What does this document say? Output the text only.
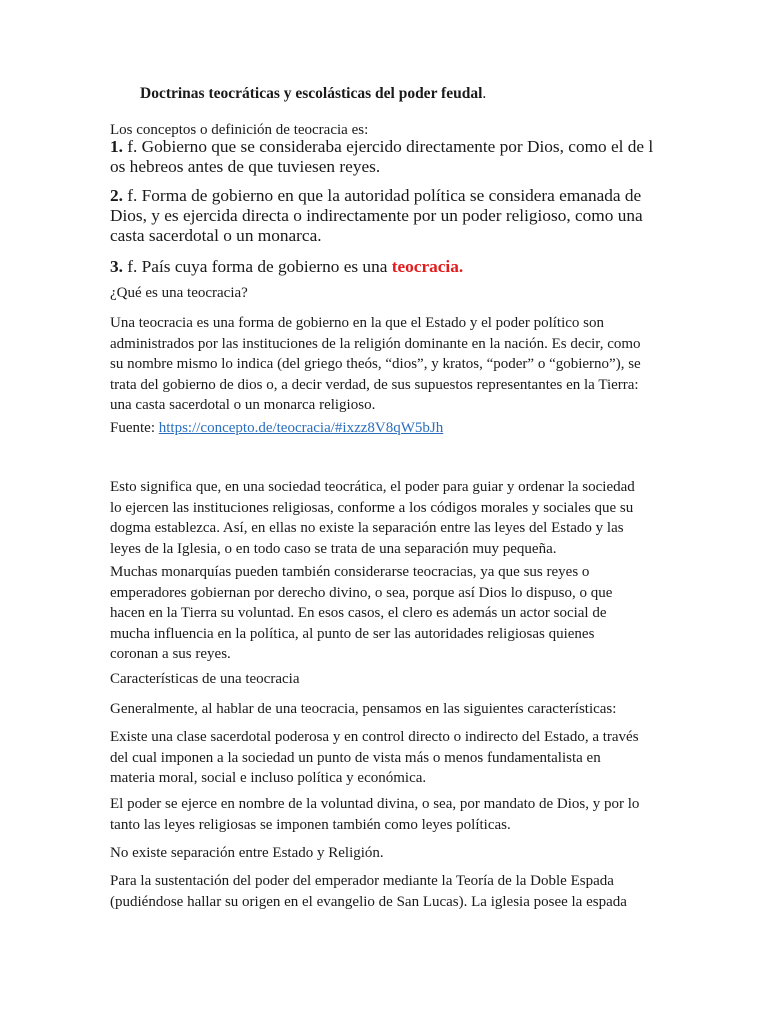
Doctrinas teocráticas y escolásticas del poder feudal.
Los conceptos o definición de teocracia es:
1. f. Gobierno que se consideraba ejercido directamente por Dios, como el de l
os hebreos antes de que tuviesen reyes.
2. f. Forma de gobierno en que la autoridad política se considera emanada de
Dios, y es ejercida directa o indirectamente por un poder religioso, como una
casta sacerdotal o un monarca.
3. f. País cuya forma de gobierno es una teocracia.
¿Qué es una teocracia?
Una teocracia es una forma de gobierno en la que el Estado y el poder político son
administrados por las instituciones de la religión dominante en la nación. Es decir, como
su nombre mismo lo indica (del griego theós, “dios”, y kratos, “poder” o “gobierno”), se
trata del gobierno de dios o, a decir verdad, de sus supuestos representantes en la Tierra:
una casta sacerdotal o un monarca religioso.
Fuente: https://concepto.de/teocracia/#ixzz8V8qW5bJh
Esto significa que, en una sociedad teocrática, el poder para guiar y ordenar la sociedad
lo ejercen las instituciones religiosas, conforme a los códigos morales y sociales que su
dogma establezca. Así, en ellas no existe la separación entre las leyes del Estado y las
leyes de la Iglesia, o en todo caso se trata de una separación muy pequeña.
Muchas monarquías pueden también considerarse teocracias, ya que sus reyes o
emperadores gobiernan por derecho divino, o sea, porque así Dios lo dispuso, o que
hacen en la Tierra su voluntad. En esos casos, el clero es además un actor social de
mucha influencia en la política, al punto de ser las autoridades religiosas quienes
coronan a sus reyes.
Características de una teocracia
Generalmente, al hablar de una teocracia, pensamos en las siguientes características:
Existe una clase sacerdotal poderosa y en control directo o indirecto del Estado, a través
del cual imponen a la sociedad un punto de vista más o menos fundamentalista en
materia moral, social e incluso política y económica.
El poder se ejerce en nombre de la voluntad divina, o sea, por mandato de Dios, y por lo
tanto las leyes religiosas se imponen también como leyes políticas.
No existe separación entre Estado y Religión.
Para la sustentación del poder del emperador mediante la Teoría de la Doble Espada
(pudiéndose hallar su origen en el evangelio de San Lucas). La iglesia posee la espada
